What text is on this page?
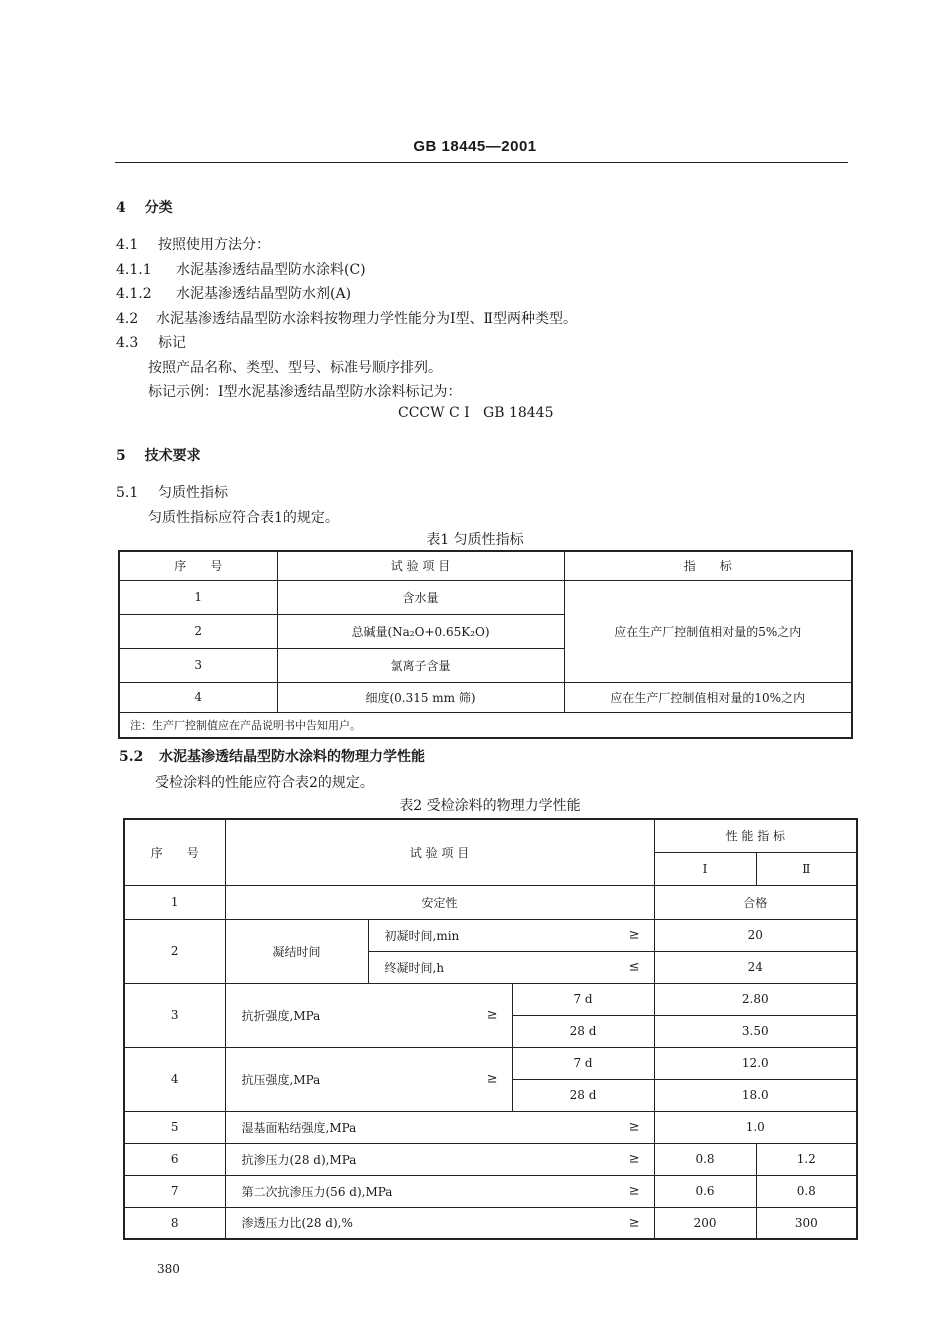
GB 18445—2001
4 分类
4.1 按照使用方法分：
4.1.1 水泥基渗透结晶型防水涂料(C)
4.1.2 水泥基渗透结晶型防水剂(A)
4.2 水泥基渗透结晶型防水涂料按物理力学性能分为Ⅰ型、Ⅱ型两种类型。
4.3 标记
按照产品名称、类型、型号、标准号顺序排列。
标记示例：Ⅰ型水泥基渗透结晶型防水涂料标记为：
CCCW C Ⅰ   GB 18445
5 技术要求
5.1 匀质性指标
匀质性指标应符合表1的规定。
表1 匀质性指标
序　　号	试 验 项 目	指　　标
1	含水量	应在生产厂控制值相对量的5%之内
2	总碱量(Na₂O+0.65K₂O)	
3	氯离子含量	
4	细度(0.315 mm 筛)	应在生产厂控制值相对量的10%之内
注：生产厂控制值应在产品说明书中告知用户。		
5.2 水泥基渗透结晶型防水涂料的物理力学性能
受检涂料的性能应符合表2的规定。
表2 受检涂料的物理力学性能
序　　号	试 验 项 目			性 能 指 标	
				Ⅰ	Ⅱ
1	安定性			合格	
2	凝结时间	初凝时间,min ≥		20	
		终凝时间,h ≤		24	
3	抗折强度,MPa ≥		7 d	2.80	
			28 d	3.50	
4	抗压强度,MPa ≥		7 d	12.0	
			28 d	18.0	
5	湿基面粘结强度,MPa ≥			1.0	
6	抗渗压力(28 d),MPa ≥			0.8	1.2
7	第二次抗渗压力(56 d),MPa ≥			0.6	0.8
8	渗透压力比(28 d),% ≥			200	300
380
